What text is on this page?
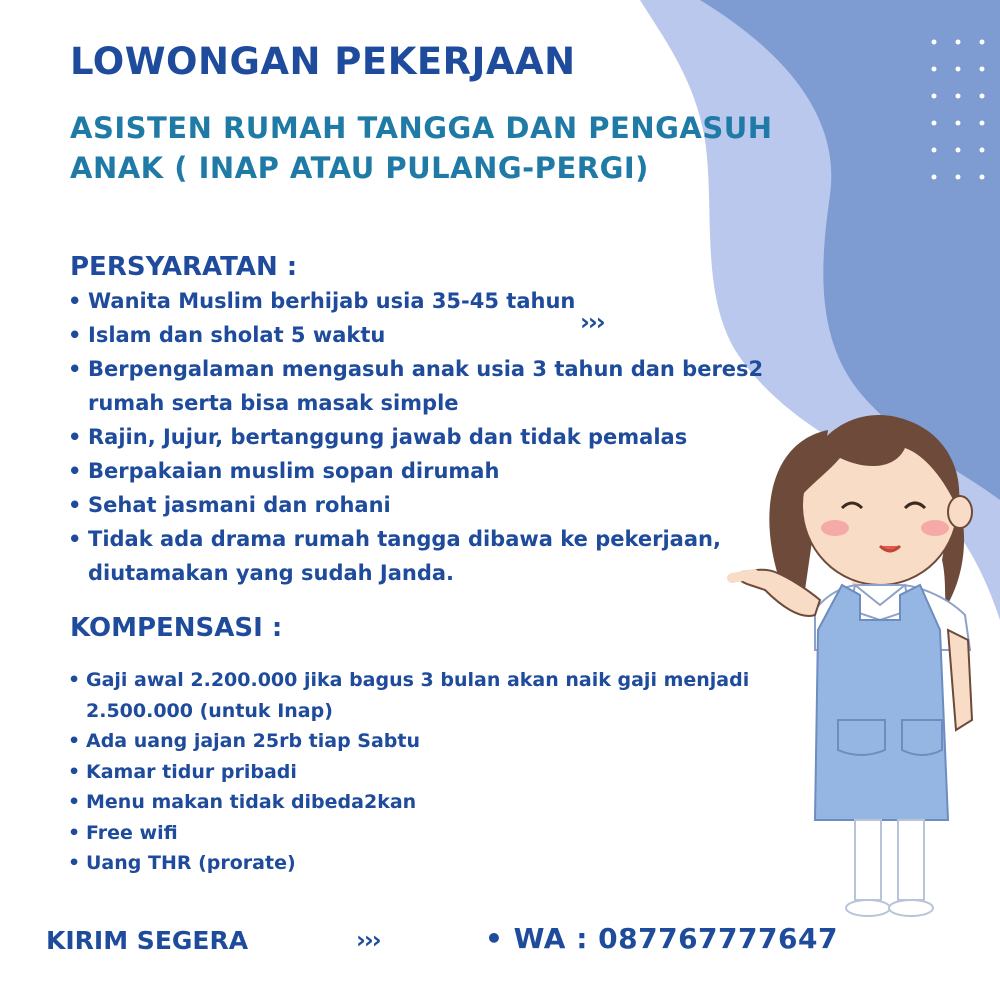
LOWONGAN PEKERJAAN
ASISTEN RUMAH TANGGA DAN PENGASUH ANAK ( INAP ATAU PULANG-PERGI)
PERSYARATAN :
• Wanita Muslim berhijab usia 35-45 tahun
• Islam dan sholat 5 waktu
• Berpengalaman mengasuh anak usia 3 tahun dan beres2 rumah serta bisa masak simple
• Rajin, Jujur, bertanggung jawab dan tidak pemalas
• Berpakaian muslim sopan dirumah
• Sehat jasmani dan rohani
• Tidak ada drama rumah tangga dibawa ke pekerjaan, diutamakan yang sudah Janda.
›››
KOMPENSASI :
• Gaji awal 2.200.000 jika bagus 3 bulan akan naik gaji menjadi 2.500.000 (untuk Inap)
• Ada uang jajan 25rb tiap Sabtu
• Kamar tidur pribadi
• Menu makan tidak dibeda2kan
• Free wifi
• Uang THR (prorate)
KIRIM SEGERA	›››	• WA : 087767777647
